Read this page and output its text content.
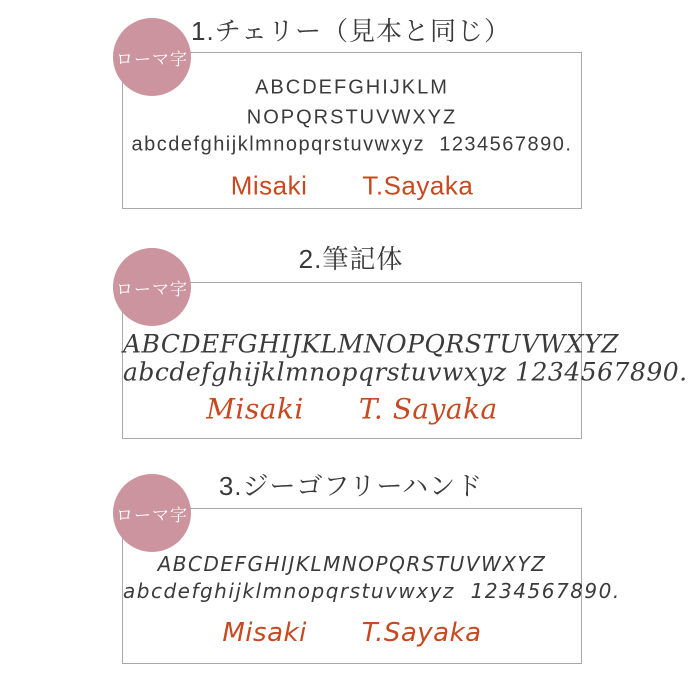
1.チェリー（見本と同じ）
ローマ字
ABCDEFGHIJKLM
NOPQRSTUVWXYZ
abcdefghijklmnopqrstuvwxyz  1234567890.
Misaki T.Sayaka
2.筆記体
ローマ字
ABCDEFGHIJKLMNOPQRSTUVWXYZ
abcdefghijklmnopqrstuvwxyz 1234567890.
Misaki T. Sayaka
3.ジーゴフリーハンド
ローマ字
ABCDEFGHIJKLMNOPQRSTUVWXYZ
abcdefghijklmnopqrstuvwxyz  1234567890.
Misaki T.Sayaka
